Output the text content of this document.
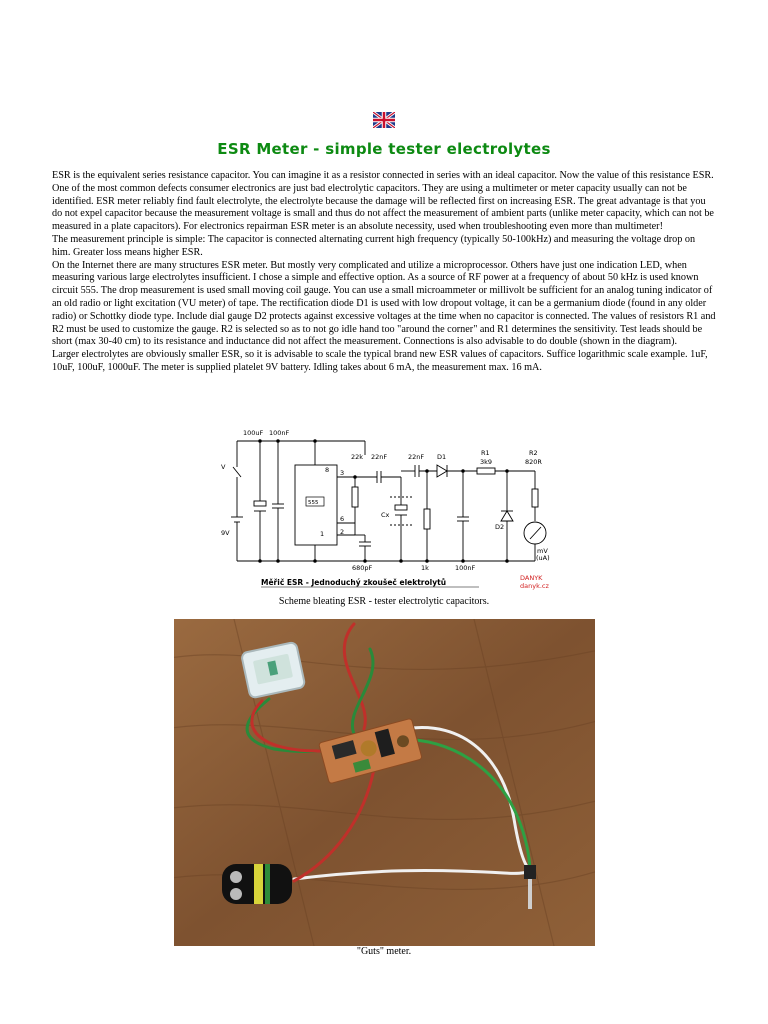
ESR Meter - simple tester electrolytes

ESR is the equivalent series resistance capacitor. You can imagine it as a resistor connected in series with an ideal capacitor. Now the value of this resistance ESR.

One of the most common defects consumer electronics are just bad electrolytic capacitors. They are using a multimeter or meter capacity usually can not be identified. ESR meter reliably find fault electrolyte, the electrolyte because the damage will be reflected first on increasing ESR. The great advantage is that you do not expel capacitor because the measurement voltage is small and thus do not affect the measurement of ambient parts (unlike meter capacity, which can not be measured in a plate capacitors). For electronics repairman ESR meter is an absolute necessity, used when troubleshooting even more than multimeter!

The measurement principle is simple: The capacitor is connected alternating current high frequency (typically 50-100kHz) and measuring the voltage drop on him. Greater loss means higher ESR.

On the Internet there are many structures ESR meter. But mostly very complicated and utilize a microprocessor. Others have just one indication LED, when measuring various large electrolytes insufficient. I chose a simple and effective option. As a source of RF power at a frequency of about 50 kHz is used known circuit 555. The drop measurement is used small moving coil gauge. You can use a small microammeter or millivolt be sufficient for an analog tuning indicator of an old radio or light excitation (VU meter) of tape. The rectification diode D1 is used with low dropout voltage, it can be a germanium diode (found in any older radio) or Schottky diode type. Include dial gauge D2 protects against excessive voltages at the time when no capacitor is connected. The values of resistors R1 and R2 must be used to customize the gauge. R2 is selected so as to not go idle hand too "around the corner" and R1 determines the sensitivity. Test leads should be short (max 30-40 cm) to its resistance and inductance did not affect the measurement. Connections is also advisable to do double (shown in the diagram).

Larger electrolytes are obviously smaller ESR, so it is advisable to scale the typical brand new ESR values of capacitors. Suffice logarithmic scale example. 1uF, 10uF, 100uF, 1000uF. The meter is supplied platelet 9V battery. Idling takes about 6 mA, the measurement max. 16 mA.

555
100uF 100nF
V
9V
8 3
6
1 2
22k 22nF	22nF D1	R1
3k9
R2
820R
Cx
D2
mV
(uA)
680pF	1k	100nF
Měřič ESR - Jednoduchý zkoušeč elektrolytů	DANYK
danyk.cz
Scheme bleating ESR - tester electrolytic capacitors.
"Guts" meter.
